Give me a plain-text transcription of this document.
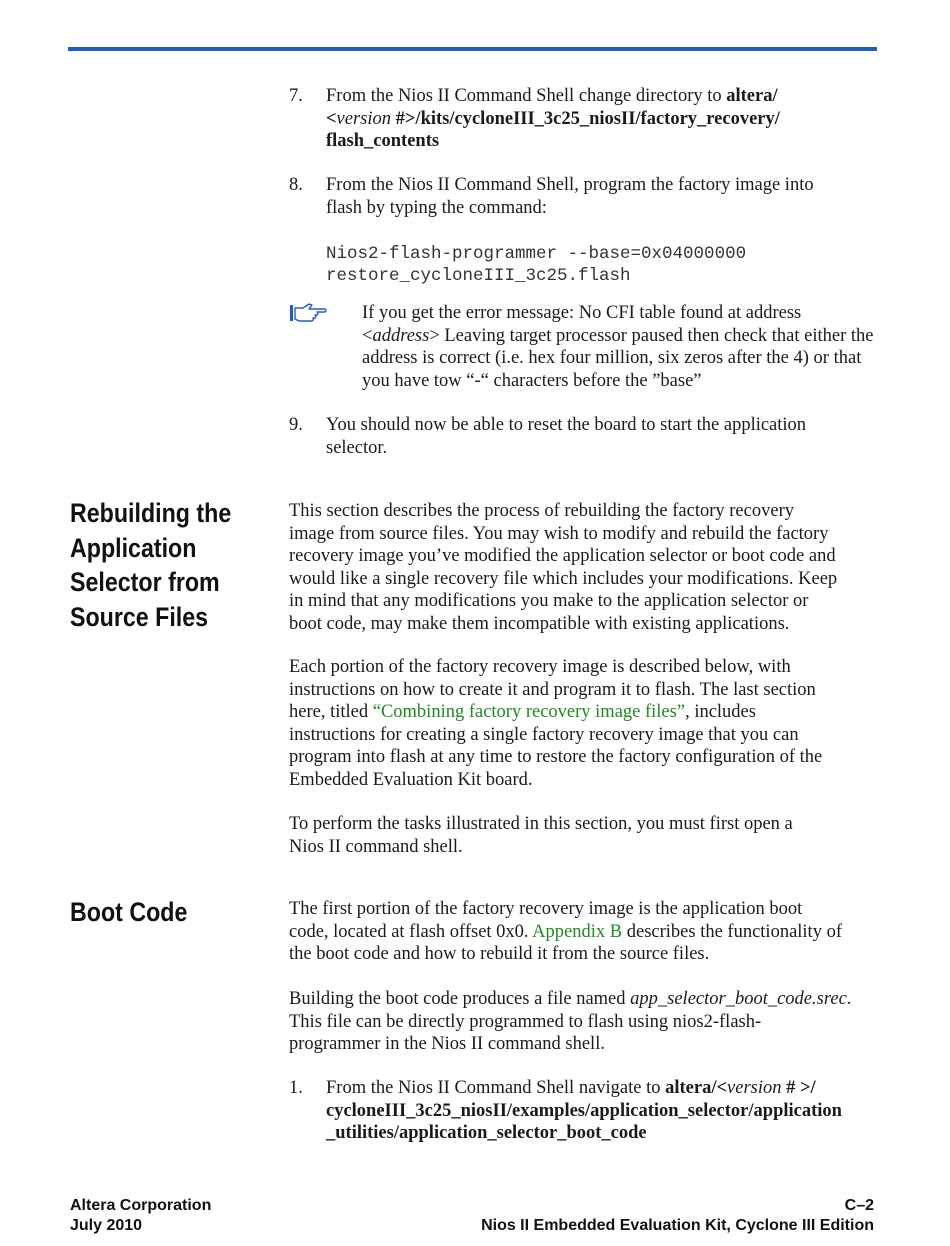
7.	From the Nios II Command Shell change directory to altera/
<version #>/kits/cycloneIII_3c25_niosII/factory_recovery/
flash_contents
8.	From the Nios II Command Shell, program the factory image into
flash by typing the command:
Nios2-flash-programmer --base=0x04000000
restore_cycloneIII_3c25.flash
If you get the error message: No CFI table found at address <address> Leaving target processor paused then check that either the address is correct (i.e. hex four million, six zeros after the 4) or that you have tow “-“ characters before the ”base”
9.	You should now be able to reset the board to start the application
selector.
Rebuilding the
Application
Selector from
Source Files
This section describes the process of rebuilding the factory recovery
image from source files. You may wish to modify and rebuild the factory
recovery image you’ve modified the application selector or boot code and
would like a single recovery file which includes your modifications. Keep
in mind that any modifications you make to the application selector or
boot code, may make them incompatible with existing applications.
Each portion of the factory recovery image is described below, with
instructions on how to create it and program it to flash. The last section
here, titled “Combining factory recovery image files”, includes
instructions for creating a single factory recovery image that you can
program into flash at any time to restore the factory configuration of the
Embedded Evaluation Kit board.
To perform the tasks illustrated in this section, you must first open a
Nios II command shell.
Boot Code	The first portion of the factory recovery image is the application boot
code, located at flash offset 0x0. Appendix B describes the functionality of
the boot code and how to rebuild it from the source files.
Building the boot code produces a file named app_selector_boot_code.srec.
This file can be directly programmed to flash using nios2-flash-
programmer in the Nios II command shell.
1.	From the Nios II Command Shell navigate to altera/<version # >/
cycloneIII_3c25_niosII/examples/application_selector/application
_utilities/application_selector_boot_code
Altera Corporation
July 2010
C–2
Nios II Embedded Evaluation Kit, Cyclone III Edition
